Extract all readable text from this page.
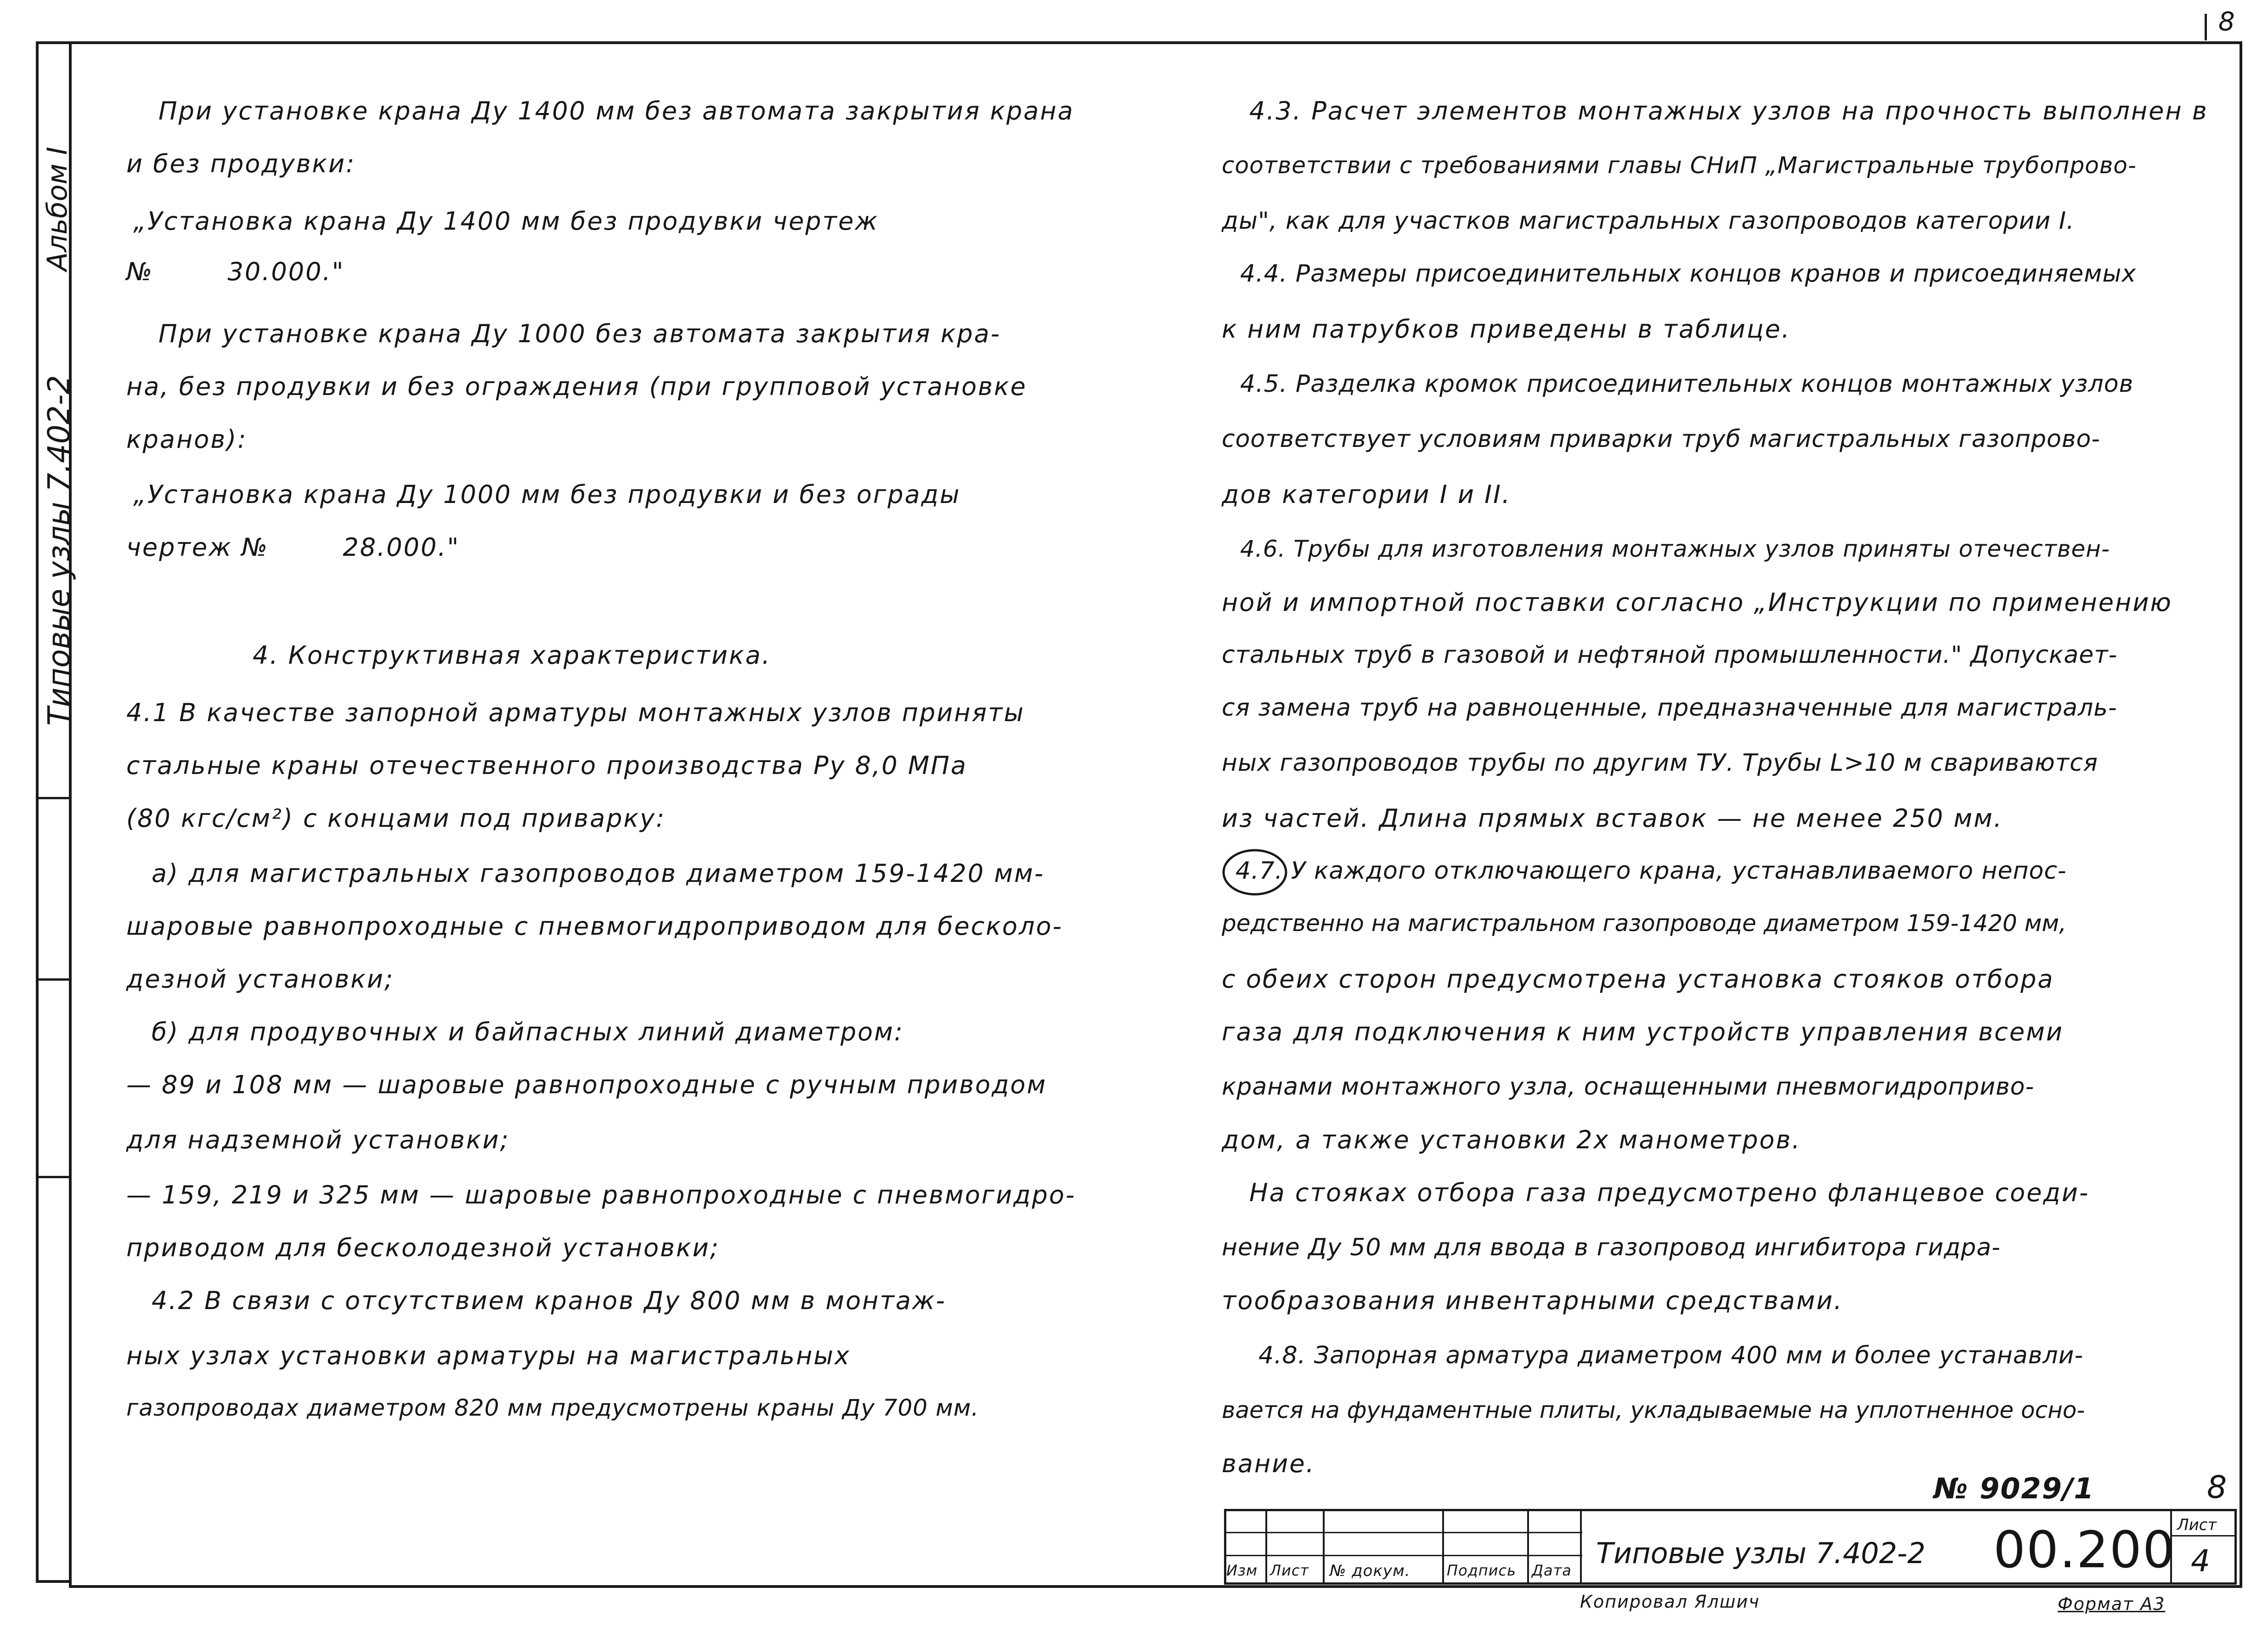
Альбом I
Типовые узлы 7.402-2
8
При установке крана Ду 1400 мм без автомата закрытия крана
и без продувки:
„Установка крана Ду 1400 мм без продувки чертеж
№        30.000."
При установке крана Ду 1000 без автомата закрытия кра-
на, без продувки и без ограждения (при групповой установке
кранов):
„Установка крана Ду 1000 мм без продувки и без ограды
чертеж №        28.000."
4. Конструктивная характеристика.
4.1 В качестве запорной арматуры монтажных узлов приняты
стальные краны отечественного производства Ру 8,0 МПа
(80 кгс/см²) с концами под приварку:
а) для магистральных газопроводов диаметром 159-1420 мм-
шаровые равнопроходные с пневмогидроприводом для бесколо-
дезной установки;
б) для продувочных и байпасных линий диаметром:
— 89 и 108 мм — шаровые равнопроходные с ручным приводом
для надземной установки;
— 159, 219 и 325 мм — шаровые равнопроходные с пневмогидро-
приводом для бесколодезной установки;
4.2 В связи с отсутствием кранов Ду 800 мм в монтаж-
ных узлах установки арматуры на магистральных
газопроводах диаметром 820 мм предусмотрены краны Ду 700 мм.
4.3. Расчет элементов монтажных узлов на прочность выполнен в
соответствии с требованиями главы СНиП „Магистральные трубопрово-
ды", как для участков магистральных газопроводов категории I.
4.4. Размеры присоединительных концов кранов и присоединяемых
к ним патрубков приведены в таблице.
4.5. Разделка кромок присоединительных концов монтажных узлов
соответствует условиям приварки труб магистральных газопрово-
дов категории I и II.
4.6. Трубы для изготовления монтажных узлов приняты отечествен-
ной и импортной поставки согласно „Инструкции по применению
стальных труб в газовой и нефтяной промышленности." Допускает-
ся замена труб на равноценные, предназначенные для магистраль-
ных газопроводов трубы по другим ТУ. Трубы L>10 м свариваются
из частей. Длина прямых вставок — не менее 250 мм.
4.7. У каждого отключающего крана, устанавливаемого непос-
редственно на магистральном газопроводе диаметром 159-1420 мм,
с обеих сторон предусмотрена установка стояков отбора
газа для подключения к ним устройств управления всеми
кранами монтажного узла, оснащенными пневмогидроприво-
дом, а также установки 2х манометров.
На стояках отбора газа предусмотрено фланцевое соеди-
нение Ду 50 мм для ввода в газопровод ингибитора гидра-
тообразования инвентарными средствами.
4.8. Запорная арматура диаметром 400 мм и более устанавли-
вается на фундаментные плиты, укладываемые на уплотненное осно-
вание.
№ 9029/1	8
Изм Лист № докум. Подпись Дата
Типовые узлы 7.402-2 00.200 Лист
4
Копировал Ялшич	Формат А3
